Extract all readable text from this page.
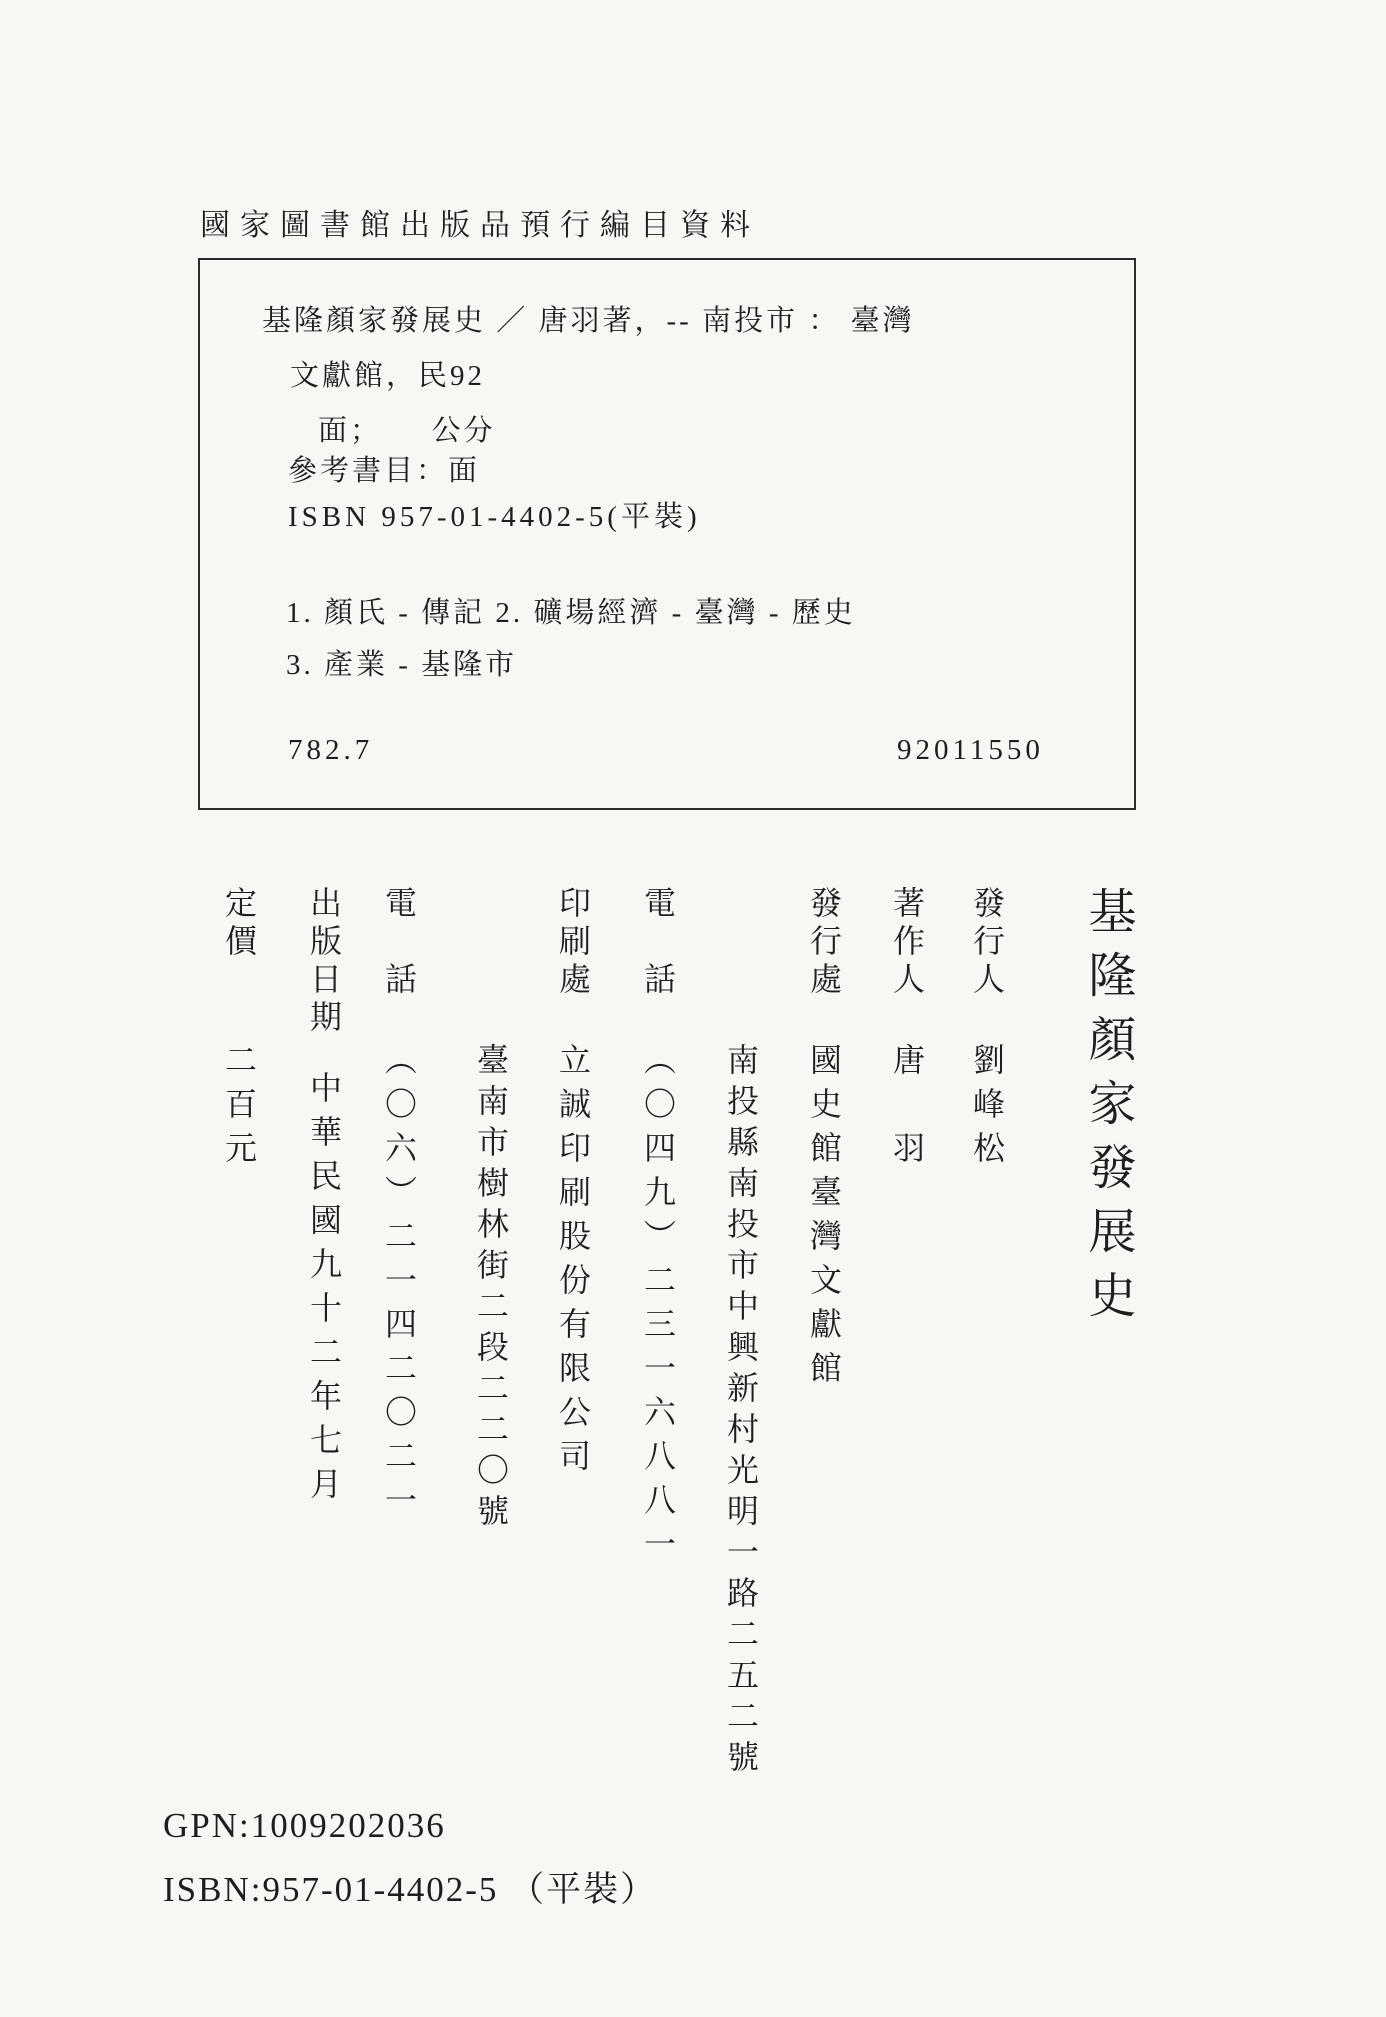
國家圖書館出版品預行編目資料
基隆顏家發展史 ／ 唐羽著，-- 南投市 ： 臺灣
文獻館，民92
面；　　公分
參考書目：面
ISBN 957-01-4402-5(平裝)
1. 顏氏 - 傳記 2. 礦場經濟 - 臺灣 - 歷史
3. 產業 - 基隆市
782.7	92011550
基隆顏家發展史
發行人劉峰松
著作人唐　羽
發行處國史館臺灣文獻館
南投縣南投市中興新村光明一路二五二號
電　話（〇四九）二三一六八八一
印刷處立誠印刷股份有限公司
臺南市樹林街二段二二〇號
電　話（〇六）二一四二〇二一
出版日期中華民國九十二年七月
定價二百元
GPN:1009202036
ISBN:957-01-4402-5 （平裝）
